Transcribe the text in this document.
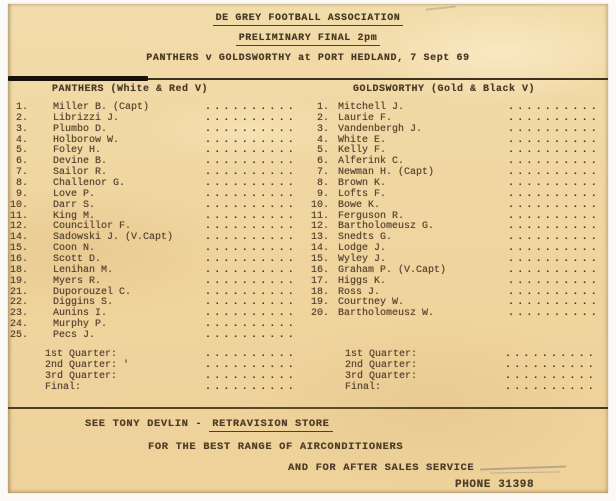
DE GREY FOOTBALL ASSOCIATION
PRELIMINARY FINAL 2pm
PANTHERS v GOLDSWORTHY at PORT HEDLAND, 7 Sept 69
PANTHERS (White & Red V)
1.	Miller B. (Capt)	..........
2.	Librizzi J.	..........
3.	Plumbo D.	..........
4.	Holborow W.	..........
5.	Foley H.	..........
6.	Devine B.	..........
7.	Sailor R.	..........
8.	Challenor G.	..........
9.	Love P.	..........
10.	Darr S.	..........
11.	King M.	..........
12.	Councillor F.	..........
14.	Sadowski J. (V.Capt)	..........
15.	Coon N.	..........
16.	Scott D.	..........
18.	Lenihan M.	..........
19.	Myers R.	..........
21.	Duporouzel C.	..........
22.	Diggins S.	..........
23.	Aunins I.	..........
24.	Murphy P.	..........
25.	Pecs J.	..........
1st Quarter:	..........
2nd Quarter: '	..........
3rd Quarter:	..........
Final:	..........
GOLDSWORTHY (Gold & Black V)
1. Mitchell J.	..........
2. Laurie F.	..........
3. Vandenbergh J.	..........
4. White E.	..........
5. Kelly F.	..........
6. Alferink C.	..........
7. Newman H. (Capt)	..........
8. Brown K.	..........
9. Lofts F.	..........
10. Bowe K.	..........
11. Ferguson R.	..........
12. Bartholomeusz G.	..........
13. Snedts G.	..........
14. Lodge J.	..........
15. Wyley J.	..........
16. Graham P. (V.Capt)	..........
17. Higgs K.	..........
18. Ross J.	..........
19. Courtney W.	..........
20. Bartholomeusz W.	..........
1st Quarter:	..........
2nd Quarter:	..........
3rd Quarter:	..........
Final:	..........
SEE TONY DEVLIN - RETRAVISION STORE
FOR THE BEST RANGE OF AIRCONDITIONERS
AND FOR AFTER SALES SERVICE
PHONE 31398
